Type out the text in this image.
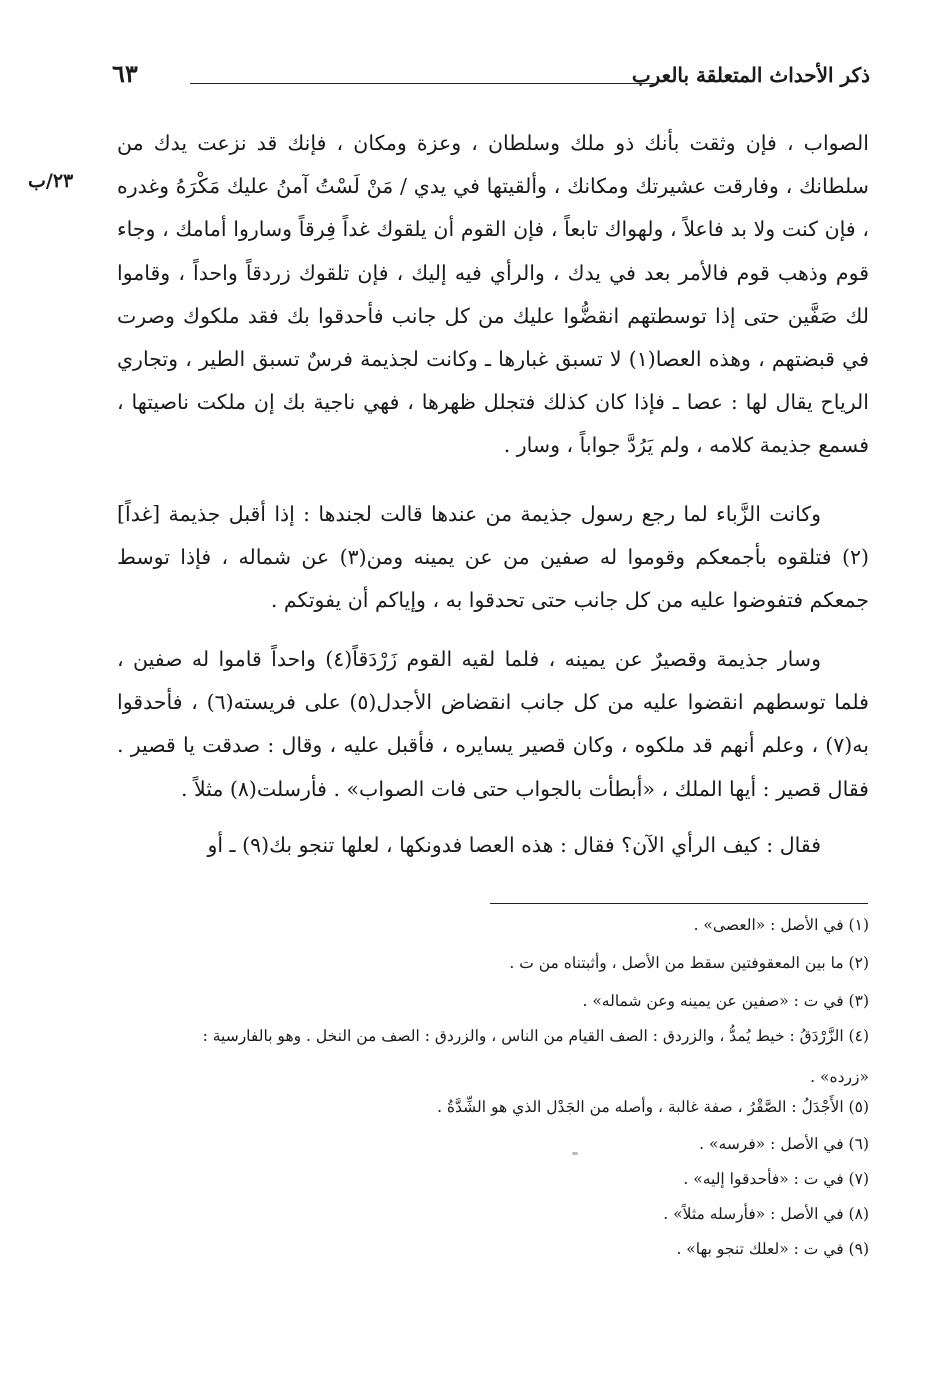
ذكر الأحداث المتعلقة بالعرب
٦٣
٢٣/ب

الصواب ، فإن وثقت بأنك ذو ملك وسلطان ، وعزة ومكان ، فإنك قد نزعت يدك من سلطانك ، وفارقت عشيرتك ومكانك ، وألقيتها في يدي / مَنْ لَسْتُ آمنُ عليك مَكْرَهُ وغدره ، فإن كنت ولا بد فاعلاً ، ولهواك تابعاً ، فإن القوم أن يلقوك غداً فِرقاً وساروا أمامك ، وجاء قوم وذهب قوم فالأمر بعد في يدك ، والرأي فيه إليك ، فإن تلقوك زردقاً واحداً ، وقاموا لك صَفَّين حتى إذا توسطتهم انقضُّوا عليك من كل جانب فأحدقوا بك فقد ملكوك وصرت في قبضتهم ، وهذه العصا(١) لا تسبق غبارها ـ وكانت لجذيمة فرسٌ تسبق الطير ، وتجاري الرياح يقال لها : عصا ـ فإذا كان كذلك فتجلل ظهرها ، فهي ناجية بك إن ملكت ناصيتها ، فسمع جذيمة كلامه ، ولم يَرُدَّ جواباً ، وسار .

وكانت الزَّباء لما رجع رسول جذيمة من عندها قالت لجندها : إذا أقبل جذيمة [غداً](٢) فتلقوه بأجمعكم وقوموا له صفين من عن يمينه ومن(٣) عن شماله ، فإذا توسط جمعكم فتفوضوا عليه من كل جانب حتى تحدقوا به ، وإياكم أن يفوتكم .

وسار جذيمة وقصيرٌ عن يمينه ، فلما لقيه القوم زَرْدَقاً(٤) واحداً قاموا له صفين ، فلما توسطهم انقضوا عليه من كل جانب انقضاض الأجدل(٥) على فريسته(٦) ، فأحدقوا به(٧) ، وعلم أنهم قد ملكوه ، وكان قصير يسايره ، فأقبل عليه ، وقال : صدقت يا قصير . فقال قصير : أيها الملك ، «أبطأت بالجواب حتى فات الصواب» . فأرسلت(٨) مثلاً .

فقال : كيف الرأي الآن؟ فقال : هذه العصا فدونكها ، لعلها تنجو بك(٩) ـ أو

(١) في الأصل : «العصى» .
(٢) ما بين المعقوفتين سقط من الأصل ، وأثبتناه من ت .
(٣) في ت : «صفين عن يمينه وعن شماله» .
(٤) الزَّرْدَقُ : خيط يُمدُّ ، والزردق : الصف القيام من الناس ، والزردق : الصف من النخل . وهو بالفارسية :
«زرده» .
(٥) الأَجْدَلُ : الصَّقْرُ ، صفة غالبة ، وأصله من الجَدْل الذي هو الشِّدَّةُ .
(٦) في الأصل : «فرسه» .
(٧) في ت : «فأحدقوا إليه» .
(٨) في الأصل : «فأرسله مثلاً» .
(٩) في ت : «لعلك تنجو بها» .
